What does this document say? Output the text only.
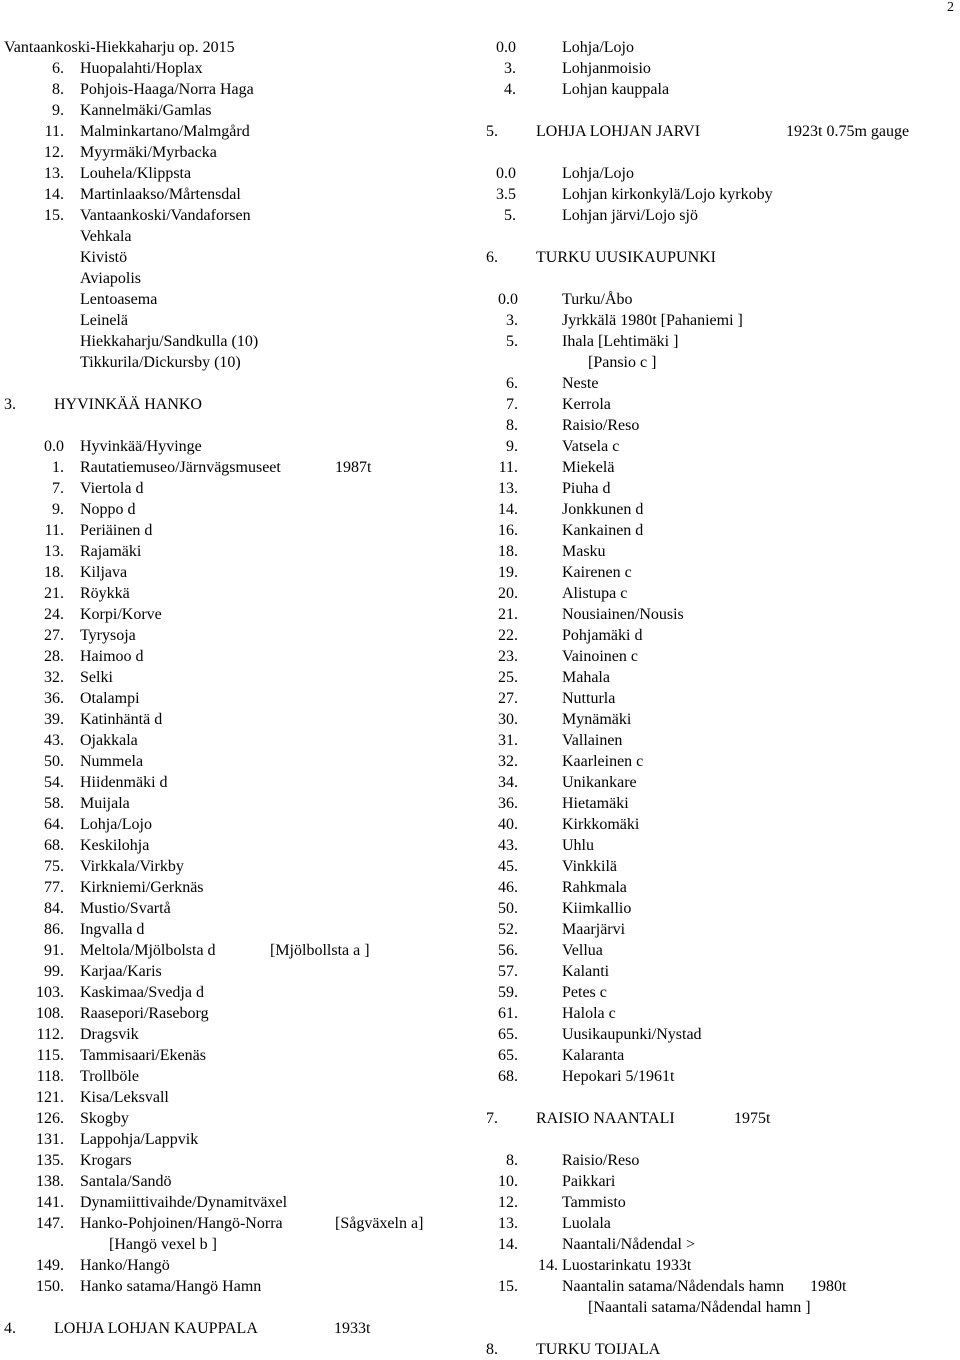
2
Vantaankoski-Hiekkaharju op. 2015
6. Huopalahti/Hoplax
8. Pohjois-Haaga/Norra Haga
9. Kannelmäki/Gamlas
11. Malminkartano/Malmgård
12. Myyrmäki/Myrbacka
13. Louhela/Klippsta
14. Martinlaakso/Mårtensdal
15. Vantaankoski/Vandaforsen
Vehkala
Kivistö
Aviapolis
Lentoasema
Leinelä
Hiekkaharju/Sandkulla (10)
Tikkurila/Dickursby (10)
3. HYVINKÄÄ HANKO
0.0 Hyvinkää/Hyvinge
1. Rautatiemuseo/Järnvägsmuseet	1987t
7. Viertola d
9. Noppo d
11. Periäinen d
13. Rajamäki
18. Kiljava
21. Röykkä
24. Korpi/Korve
27. Tyrysoja
28. Haimoo d
32. Selki
36. Otalampi
39. Katinhäntä d
43. Ojakkala
50. Nummela
54. Hiidenmäki d
58. Muijala
64. Lohja/Lojo
68. Keskilohja
75. Virkkala/Virkby
77. Kirkniemi/Gerknäs
84. Mustio/Svartå
86. Ingvalla d
91. Meltola/Mjölbolsta d	[Mjölbollsta a ]
99. Karjaa/Karis
103. Kaskimaa/Svedja d
108. Raasepori/Raseborg
112. Dragsvik
115. Tammisaari/Ekenäs
118. Trollböle
121. Kisa/Leksvall
126. Skogby
131. Lappohja/Lappvik
135. Krogars
138. Santala/Sandö
141. Dynamiittivaihde/Dynamitväxel
147. Hanko-Pohjoinen/Hangö-Norra	[Sågväxeln a]
[Hangö vexel b ]
149. Hanko/Hangö
150. Hanko satama/Hangö Hamn
4. LOHJA LOHJAN KAUPPALA	1933t
0.0	Lohja/Lojo
3.	Lohjanmoisio
4.	Lohjan kauppala
5. LOHJA LOHJAN JARVI	1923t 0.75m gauge
0.0	Lohja/Lojo
3.5	Lohjan kirkonkylä/Lojo kyrkoby
5.	Lohjan järvi/Lojo sjö
6. TURKU UUSIKAUPUNKI
0.0	Turku/Åbo
3.	Jyrkkälä 1980t [Pahaniemi ]
5.	Ihala [Lehtimäki ]
[Pansio c ]
6.	Neste
7.	Kerrola
8.	Raisio/Reso
9.	Vatsela c
11.	Miekelä
13.	Piuha d
14.	Jonkkunen d
16.	Kankainen d
18.	Masku
19.	Kairenen c
20.	Alistupa c
21.	Nousiainen/Nousis
22.	Pohjamäki d
23.	Vainoinen c
25.	Mahala
27.	Nutturla
30.	Mynämäki
31.	Vallainen
32.	Kaarleinen c
34.	Unikankare
36.	Hietamäki
40.	Kirkkomäki
43.	Uhlu
45.	Vinkkilä
46.	Rahkmala
50.	Kiimkallio
52.	Maarjärvi
56.	Vellua
57.	Kalanti
59.	Petes c
61.	Halola c
65.	Uusikaupunki/Nystad
65.	Kalaranta
68.	Hepokari 5/1961t
7. RAISIO NAANTALI	1975t
8.	Raisio/Reso
10.	Paikkari
12.	Tammisto
13.	Luolala
14.	Naantali/Nådendal >
14. Luostarinkatu 1933t
15.	Naantalin satama/Nådendals hamn 1980t
[Naantali satama/Nådendal hamn ]
8. TURKU TOIJALA
